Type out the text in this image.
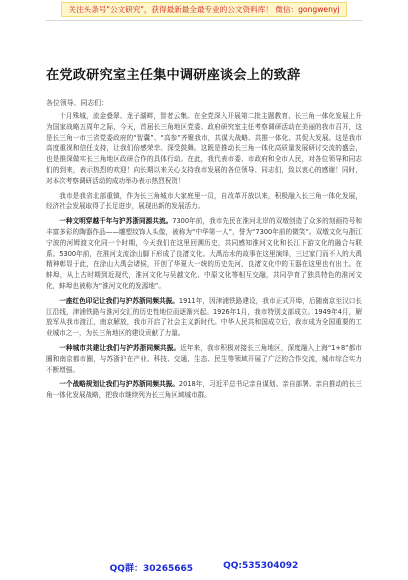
关注头条号"公文研究"，获得最新最全最专业的公文资料库！ 微信：gongwenyj
在党政研究室主任集中调研座谈会上的致辞
各位领导、同志们：

十月殊城，流金叠翠、龙子湖畔，智者云集。在全党深入开展第二批主题教育、长三角一体化发展上升为国家战略五周年之际，今天，首届长三角地区党委、政府研究室主任考察调研活动在美丽的我市召开，这是长三角一市三省党委政府的“智囊”、“高参”齐聚我市，共谋大战略、共推一体化、共促大发展。这是我市高度重视和信任支持，让我们倍感荣幸、深受鼓舞。这既是推动长三角一体化高质量发展研讨交流的盛会，也是推深做实长三角地区政研合作的具体行动。在此，我代表市委、市政府和全市人民，对各位领导和同志们的到来，表示热烈的欢迎！向长期以来关心支持我市发展的各位领导、同志们，致以衷心的感谢！同时，对本次考察调研活动的成功举办表示热烈祝贺！

我市是我省北部重镇，作为长三角城市大家庭里一员，自改革开放以来，积极融入长三角一体化发展，经济社会发展取得了长足进步，展现出新的发展活力。

一种文明穿越千年与沪苏浙同源共流。7300年前，我市先民在淮河北岸的双墩创造了众多的刻画符号和丰富多彩的陶器作品——雕塑纹饰人头像，被称为“中华第一人”，誉为“7300年前的微笑”。双墩文化与浙江宁波的河姆渡文化同一个时期，今天我们在这里回溯历史，共同感知淮河文化和长江下游文化的融合与联系。5300年前，在淮河支流涂山脚下形成了良渚文化。大禹治水的故事在这里演绎，三过家门而不入的大禹精神彰显于此，在涂山大禹会诸侯，开创了华夏大一统的历史先河，良渚文化中的玉器在这里也有出土。在蚌埠，从上古时期到近现代，淮河文化与吴越文化、中原文化等相互交融，共同孕育了独具特色的淮河文化，蚌埠也被称为“淮河文化的发源地”。

一座红色印记让我们与沪苏浙同频共振。1911年，因津浦铁路建设，我市正式开埠，后随南京至汉口长江沿线，津浦铁路与淮河交汇的历史性地位而逐渐兴起。1926年1月，我市特别支部成立。1949年4月，解放军从我市渡江，南京解放，我市开启了社会主义新时代。中华人民共和国成立后，我市成为全国重要的工业城市之一，为长三角地区的建设贡献了力量。

一种城市共建让我们与沪苏浙同频共振。近年来，我市积极对接长三角地区，深度融入上海“1+8”都市圈和南京都市圈，与苏浙沪在产业、科技、交通、生态、民生等领域开展了广泛的合作交流，城市综合实力不断增强。

一个战略规划让我们与沪苏浙同频共振。2018年，习近平总书记亲自谋划、亲自部署、亲自推动的长三角一体化发展战略，把我市继续列为长三角区域城市群。

QQ群：30265665	QQ:535304092
